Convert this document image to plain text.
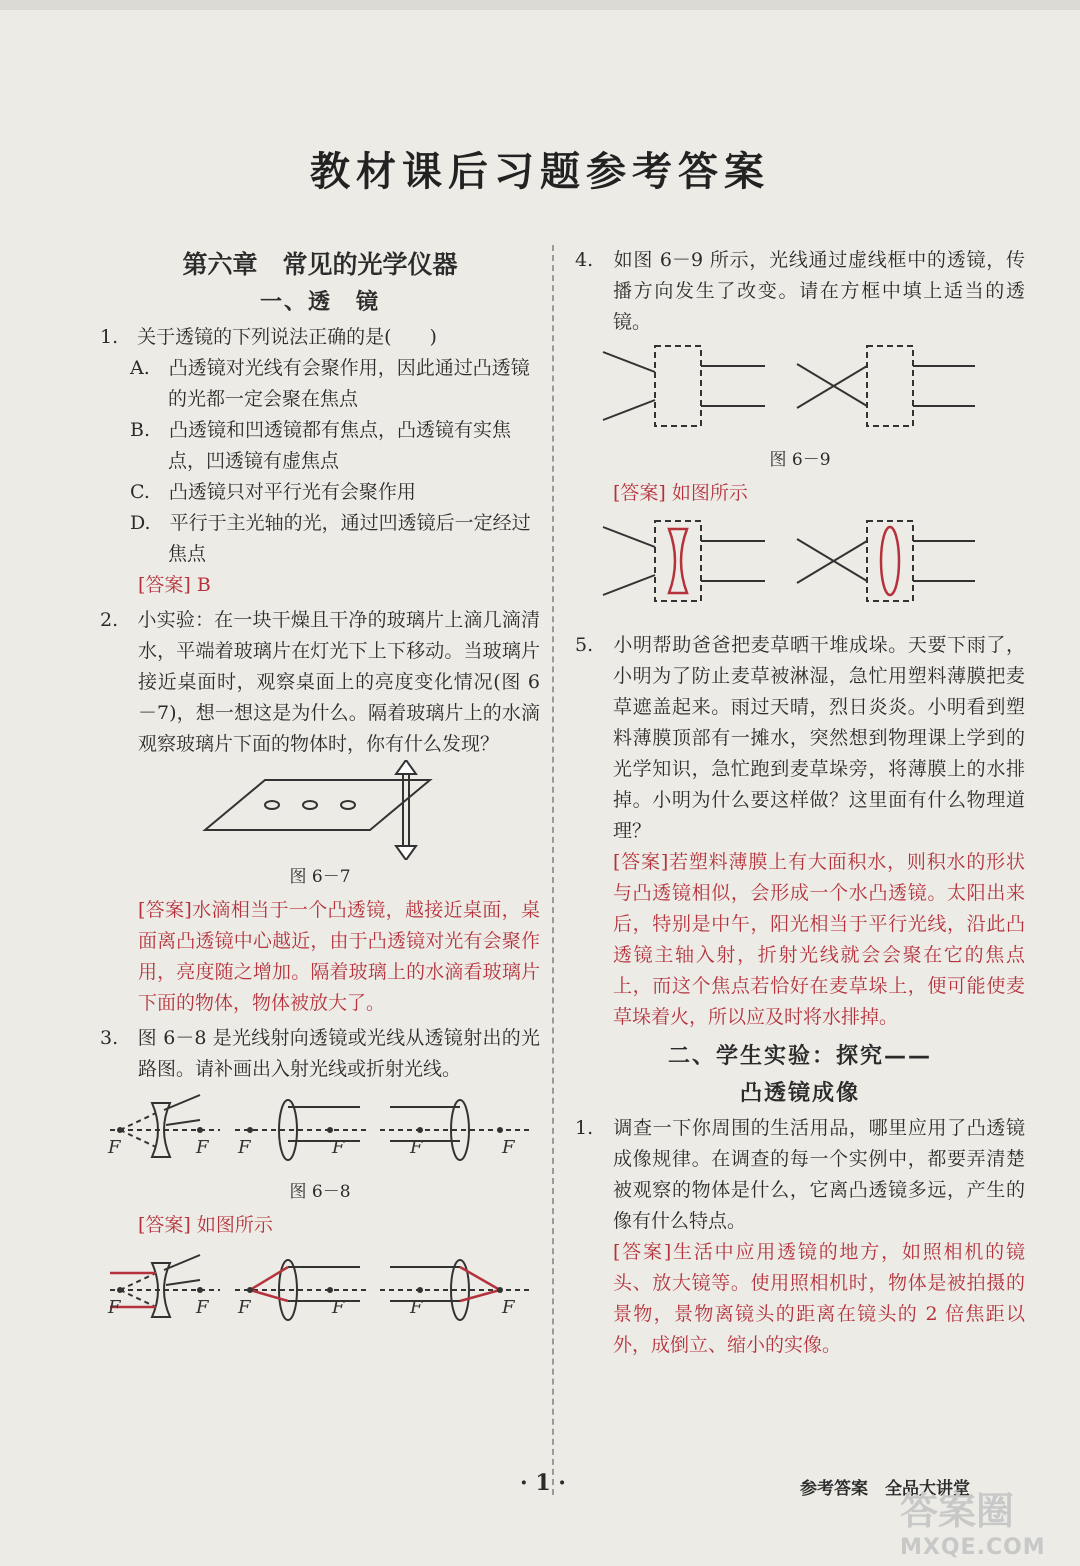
教材课后习题参考答案
第六章　常见的光学仪器
一、透　镜

1.　关于透镜的下列说法正确的是(　　)

A.　凸透镜对光线有会聚作用，因此通过凸透镜的光都一定会聚在焦点

B.　凸透镜和凹透镜都有焦点，凸透镜有实焦点，凹透镜有虚焦点

C.　凸透镜只对平行光有会聚作用

D.　平行于主光轴的光，通过凹透镜后一定经过焦点

[答案] B

2.　小实验：在一块干燥且干净的玻璃片上滴几滴清水，平端着玻璃片在灯光下上下移动。当玻璃片接近桌面时，观察桌面上的亮度变化情况(图 6－7)，想一想这是为什么。隔着玻璃片上的水滴观察玻璃片下面的物体时，你有什么发现？

图 6－7

[答案]水滴相当于一个凸透镜，越接近桌面，桌面离凸透镜中心越近，由于凸透镜对光有会聚作用，亮度随之增加。隔着玻璃上的水滴看玻璃片下面的物体，物体被放大了。

3.　图 6－8 是光线射向透镜或光线从透镜射出的光路图。请补画出入射光线或折射光线。

F	F F	F	F	F
图 6－8

[答案] 如图所示

F	F F	F	F	F

4.　如图 6－9 所示，光线通过虚线框中的透镜，传播方向发生了改变。请在方框中填上适当的透镜。

图 6－9

[答案] 如图所示

5.　小明帮助爸爸把麦草晒干堆成垛。天要下雨了，小明为了防止麦草被淋湿，急忙用塑料薄膜把麦草遮盖起来。雨过天晴，烈日炎炎。小明看到塑料薄膜顶部有一摊水，突然想到物理课上学到的光学知识，急忙跑到麦草垛旁，将薄膜上的水排掉。小明为什么要这样做？这里面有什么物理道理？

[答案]若塑料薄膜上有大面积水，则积水的形状与凸透镜相似，会形成一个水凸透镜。太阳出来后，特别是中午，阳光相当于平行光线，沿此凸透镜主轴入射，折射光线就会会聚在它的焦点上，而这个焦点若恰好在麦草垛上，便可能使麦草垛着火，所以应及时将水排掉。

二、学生实验：探究——
凸透镜成像

1.　调查一下你周围的生活用品，哪里应用了凸透镜成像规律。在调查的每一个实例中，都要弄清楚被观察的物体是什么，它离凸透镜多远，产生的像有什么特点。

[答案]生活中应用透镜的地方，如照相机的镜头、放大镜等。使用照相机时，物体是被拍摄的景物，景物离镜头的距离在镜头的 2 倍焦距以外，成倒立、缩小的实像。

· 1 ·	参考答案　全品大讲堂
答案圈
MXQE.COM
